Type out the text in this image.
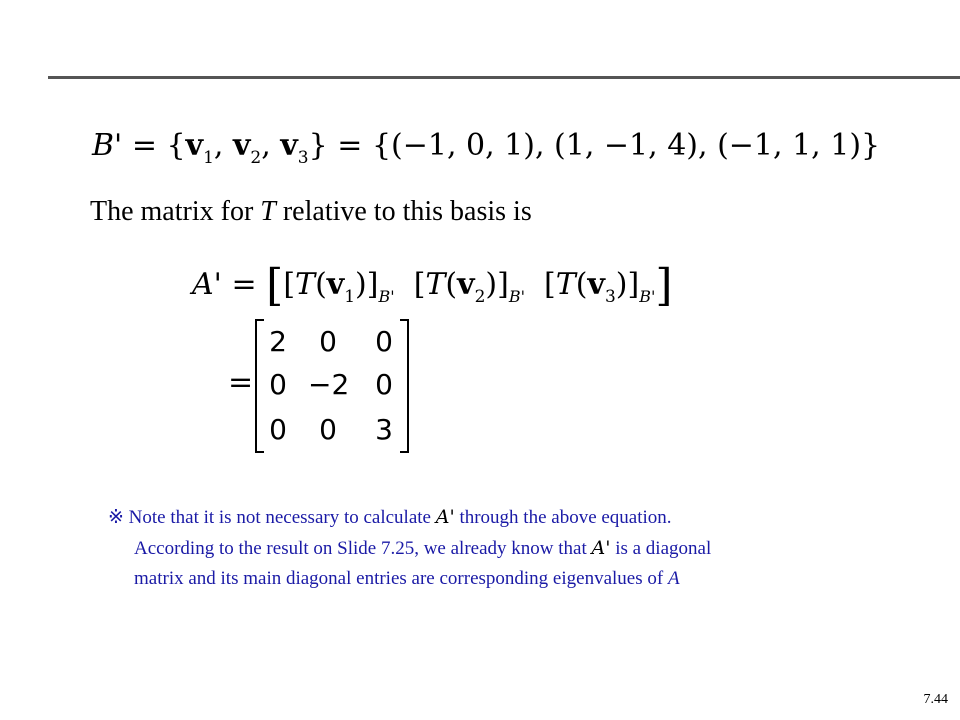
$B' = \{v_1$, $v_2$, $v_3\} = \{(-1$, 0, 1), (1, −1, 4), (−1, 1, 1)}
The matrix for T relative to this basis is
$A' = [[T(v_1)]_{B'}$  $[T(v_2)]_{B'}$  $[T(v_3)]_{B'}$]
=
2	0	0
0 −2 0
0	0	3
※ Note that it is not necessary to calculate A' through the above equation.
According to the result on Slide 7.25, we already know that A' is a diagonal
matrix and its main diagonal entries are corresponding eigenvalues of A
7.44
